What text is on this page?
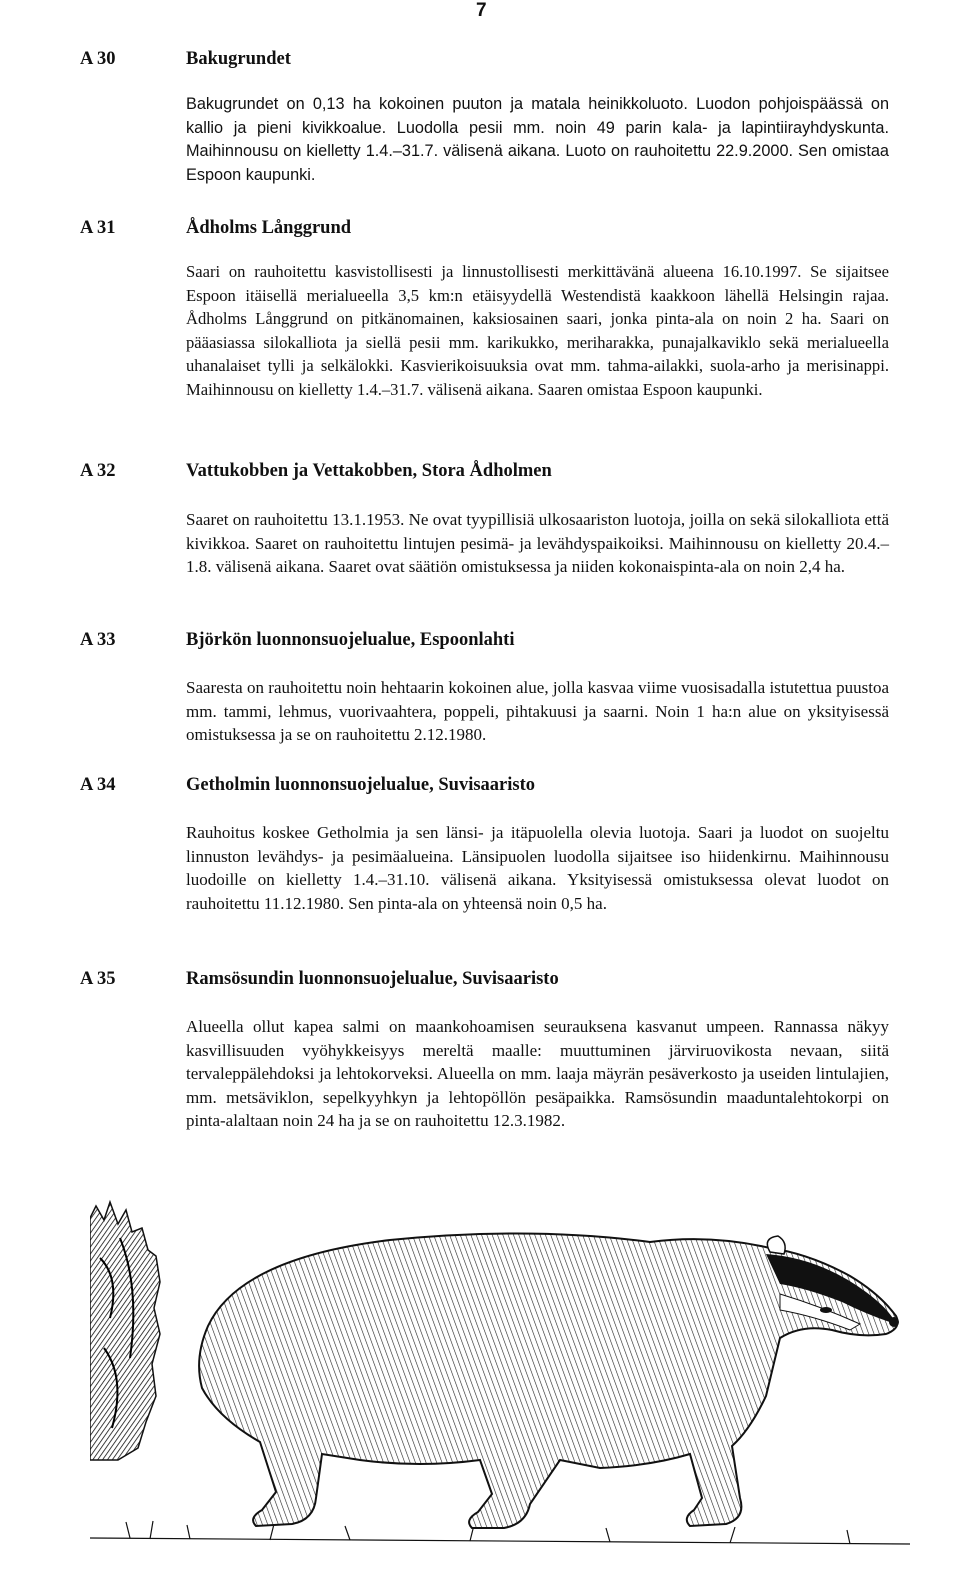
7
A 30	Bakugrundet
Bakugrundet on 0,13 ha kokoinen puuton ja matala heinikkoluoto. Luodon pohjoispäässä on kallio ja pieni kivikkoalue. Luodolla pesii mm. noin 49 parin kala- ja lapintiirayhdyskunta. Maihinnousu on kielletty 1.4.–31.7. välisenä aikana. Luoto on rauhoitettu 22.9.2000. Sen omistaa Espoon kaupunki.
A 31	Ådholms Långgrund
Saari on rauhoitettu kasvistollisesti ja linnustollisesti merkittävänä alueena 16.10.1997. Se sijaitsee Espoon itäisellä merialueella 3,5 km:n etäisyydellä Westendistä kaakkoon lähellä Helsingin rajaa. Ådholms Långgrund on pitkänomainen, kaksiosainen saari, jonka pinta-ala on noin 2 ha. Saari on pääasiassa silokalliota ja siellä pesii mm. karikukko, meriharakka, punajalkaviklo sekä merialueella uhanalaiset tylli ja selkälokki. Kasvierikoisuuksia ovat mm. tahma-ailakki, suola-arho ja merisinappi. Maihinnousu on kielletty 1.4.–31.7. välisenä aikana. Saaren omistaa Espoon kaupunki.
A 32	Vattukobben ja Vettakobben, Stora Ådholmen
Saaret on rauhoitettu 13.1.1953. Ne ovat tyypillisiä ulkosaariston luotoja, joilla on sekä silokalliota että kivikkoa. Saaret on rauhoitettu lintujen pesimä- ja levähdyspaikoiksi. Maihinnousu on kielletty 20.4.–1.8. välisenä aikana. Saaret ovat säätiön omistuksessa ja niiden kokonaispinta-ala on noin 2,4 ha.
A 33	Björkön luonnonsuojelualue, Espoonlahti
Saaresta on rauhoitettu noin hehtaarin kokoinen alue, jolla kasvaa viime vuosisadalla istutettua puustoa mm. tammi, lehmus, vuorivaahtera, poppeli, pihtakuusi ja saarni. Noin 1 ha:n alue on yksityisessä omistuksessa ja se on rauhoitettu 2.12.1980.
A 34	Getholmin luonnonsuojelualue, Suvisaaristo
Rauhoitus koskee Getholmia ja sen länsi- ja itäpuolella olevia luotoja. Saari ja luodot on suojeltu linnuston levähdys- ja pesimäalueina. Länsipuolen luodolla sijaitsee iso hiidenkirnu. Maihinnousu luodoille on kielletty 1.4.–31.10. välisenä aikana. Yksityisessä omistuksessa olevat luodot on rauhoitettu 11.12.1980. Sen pinta-ala on yhteensä noin 0,5 ha.
A 35	Ramsösundin luonnonsuojelualue, Suvisaaristo
Alueella ollut kapea salmi on maankohoamisen seurauksena kasvanut umpeen. Rannassa näkyy kasvillisuuden vyöhykkeisyys mereltä maalle: muuttuminen järviruovikosta nevaan, siitä tervaleppälehdoksi ja lehtokorveksi. Alueella on mm. laaja mäyrän pesäverkosto ja useiden lintulajien, mm. metsäviklon, sepelkyyhkyn ja lehtopöllön pesäpaikka. Ramsösundin maaduntalehtokorpi on pinta-alaltaan noin 24 ha ja se on rauhoitettu 12.3.1982.
